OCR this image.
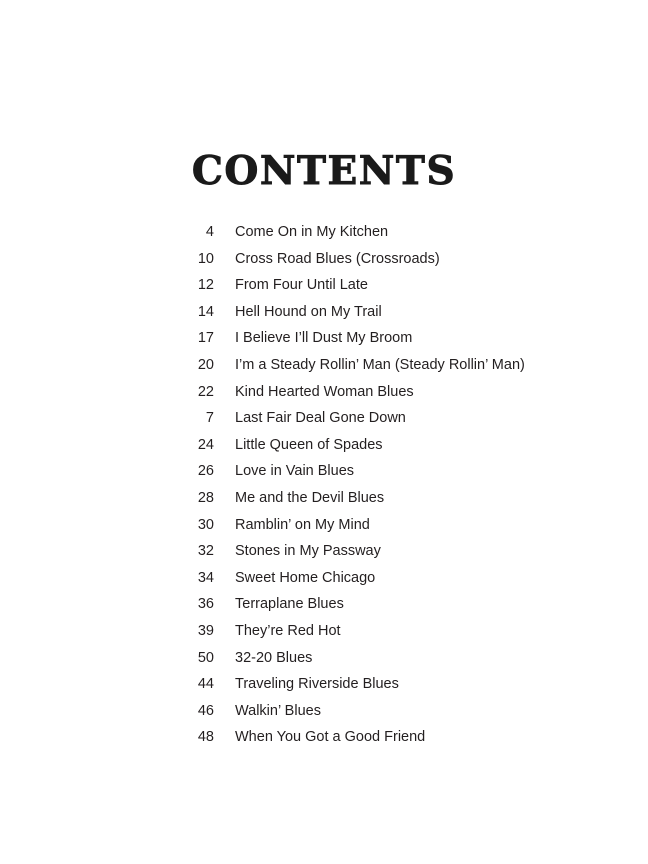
CONTENTS
4 Come On in My Kitchen
10 Cross Road Blues (Crossroads)
12 From Four Until Late
14 Hell Hound on My Trail
17 I Believe I’ll Dust My Broom
20 I’m a Steady Rollin’ Man (Steady Rollin’ Man)
22 Kind Hearted Woman Blues
7 Last Fair Deal Gone Down
24 Little Queen of Spades
26 Love in Vain Blues
28 Me and the Devil Blues
30 Ramblin’ on My Mind
32 Stones in My Passway
34 Sweet Home Chicago
36 Terraplane Blues
39 They’re Red Hot
50 32-20 Blues
44 Traveling Riverside Blues
46 Walkin’ Blues
48 When You Got a Good Friend
